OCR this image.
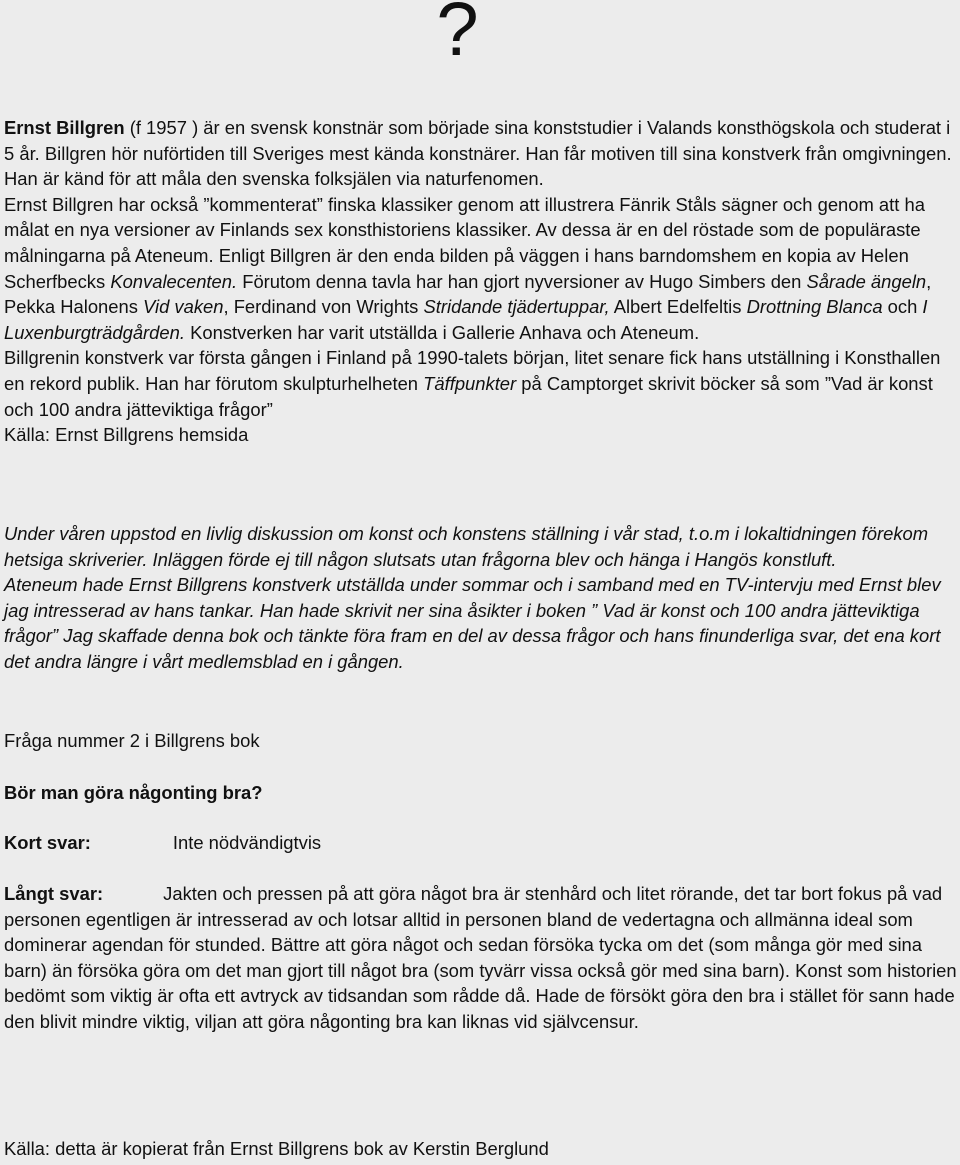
?
Ernst Billgren (f 1957 ) är en svensk konstnär som började sina konststudier i Valands konsthögskola och studerat i 5 år. Billgren hör nuförtiden till Sveriges mest kända konstnärer. Han får motiven till sina konstverk från omgivningen. Han är känd för att måla den svenska folksjälen via naturfenomen.
Ernst Billgren har också ”kommenterat” finska klassiker genom att illustrera Fänrik Ståls sägner och genom att ha målat en nya versioner av Finlands sex konsthistoriens klassiker. Av dessa är en del röstade som de populäraste målningarna på Ateneum. Enligt Billgren är den enda bilden på väggen i hans barndomshem en kopia av Helen Scherfbecks Konvalecenten. Förutom denna tavla har han gjort nyversioner av Hugo Simbers den Sårade ängeln, Pekka Halonens Vid vaken, Ferdinand von Wrights Stridande tjädertuppar, Albert Edelfeltis Drottning Blanca och I Luxenburgträdgården. Konstverken har varit utställda i Gallerie Anhava och Ateneum.
Billgrenin konstverk var första gången i Finland på 1990-talets början, litet senare fick hans utställning i Konsthallen en rekord publik. Han har förutom skulpturhelheten Täffpunkter på Camptorget skrivit böcker så som ”Vad är konst och 100 andra jätteviktiga frågor”
Källa: Ernst Billgrens hemsida
Under våren uppstod en livlig diskussion om konst och konstens ställning i vår stad, t.o.m i lokaltidningen förekom hetsiga skriverier. Inläggen förde ej till någon slutsats utan frågorna blev och hänga i Hangös konstluft.
Ateneum hade Ernst Billgrens konstverk utställda under sommar och i samband med en TV-intervju med Ernst blev jag intresserad av hans tankar. Han hade skrivit ner sina åsikter i boken ” Vad är konst och 100 andra jätteviktiga frågor” Jag skaffade denna bok och tänkte föra fram en del av dessa frågor och hans finunderliga svar, det ena kort det andra längre i vårt medlemsblad en i gången.
Fråga nummer 2 i Billgrens bok
Bör man göra någonting bra?
Kort svar:	Inte nödvändigtvis
Långt svar:	Jakten och pressen på att göra något bra är stenhård och litet rörande, det tar bort fokus på vad personen egentligen är intresserad av och lotsar alltid in personen bland de vedertagna och allmänna ideal som dominerar agendan för stunded. Bättre att göra något och sedan försöka tycka om det (som många gör med sina barn) än försöka göra om det man gjort till något bra (som tyvärr vissa också gör med sina barn). Konst som historien bedömt som viktig är ofta ett avtryck av tidsandan som rådde då. Hade de försökt göra den bra i stället för sann hade den blivit mindre viktig, viljan att göra någonting bra kan liknas vid självcensur.
Källa: detta är kopierat från Ernst Billgrens bok av Kerstin Berglund
